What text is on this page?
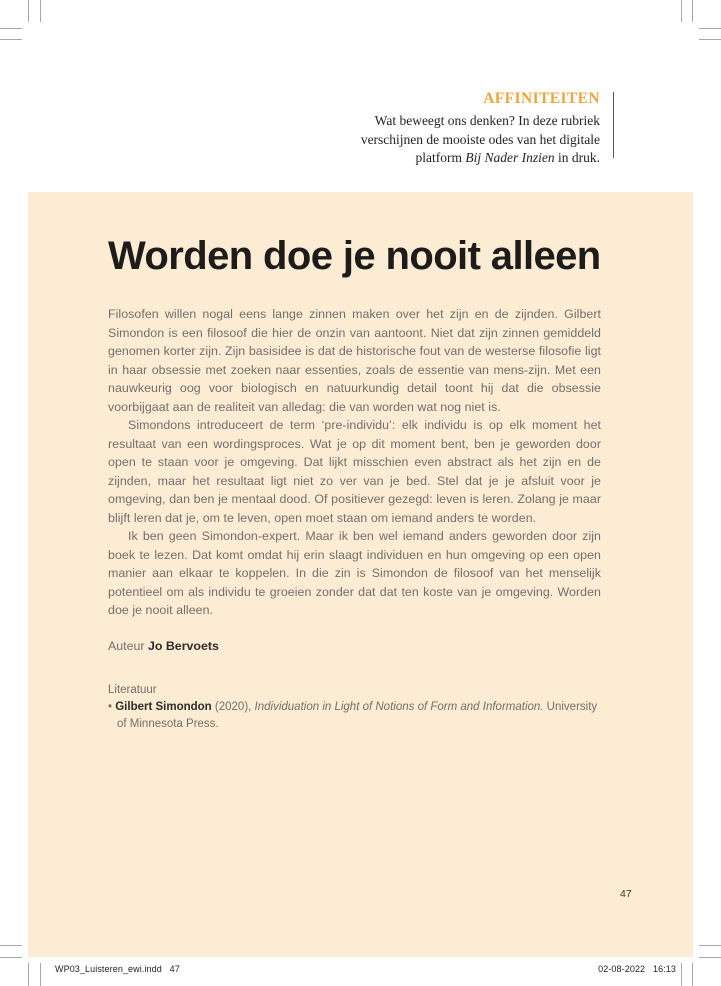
AFFINITEITEN
Wat beweegt ons denken? In deze rubriek verschijnen de mooiste odes van het digitale platform Bij Nader Inzien in druk.
Worden doe je nooit alleen

Filosofen willen nogal eens lange zinnen maken over het zijn en de zijnden. Gilbert Simondon is een filosoof die hier de onzin van aantoont. Niet dat zijn zinnen gemiddeld genomen korter zijn. Zijn basisidee is dat de historische fout van de westerse filosofie ligt in haar obsessie met zoeken naar essenties, zoals de essentie van mens-zijn. Met een nauwkeurig oog voor biologisch en natuurkundig detail toont hij dat die obsessie voorbijgaat aan de realiteit van alledag: die van worden wat nog niet is.

Simondons introduceert de term ‘pre-individu’: elk individu is op elk moment het resultaat van een wordingsproces. Wat je op dit moment bent, ben je geworden door open te staan voor je omgeving. Dat lijkt misschien even abstract als het zijn en de zijnden, maar het resultaat ligt niet zo ver van je bed. Stel dat je je afsluit voor je omgeving, dan ben je mentaal dood. Of positiever gezegd: leven is leren. Zolang je maar blijft leren dat je, om te leven, open moet staan om iemand anders te worden.

Ik ben geen Simondon-expert. Maar ik ben wel iemand anders geworden door zijn boek te lezen. Dat komt omdat hij erin slaagt individuen en hun omgeving op een open manier aan elkaar te koppelen. In die zin is Simondon de filosoof van het menselijk potentieel om als individu te groeien zonder dat dat ten koste van je omgeving. Worden doe je nooit alleen.

Auteur Jo Bervoets

Literatuur

• Gilbert Simondon (2020), Individuation in Light of Notions of Form and Information. University of Minnesota Press.

47
WP03_Luisteren_ewi.indd   47	02-08-2022   16:13
